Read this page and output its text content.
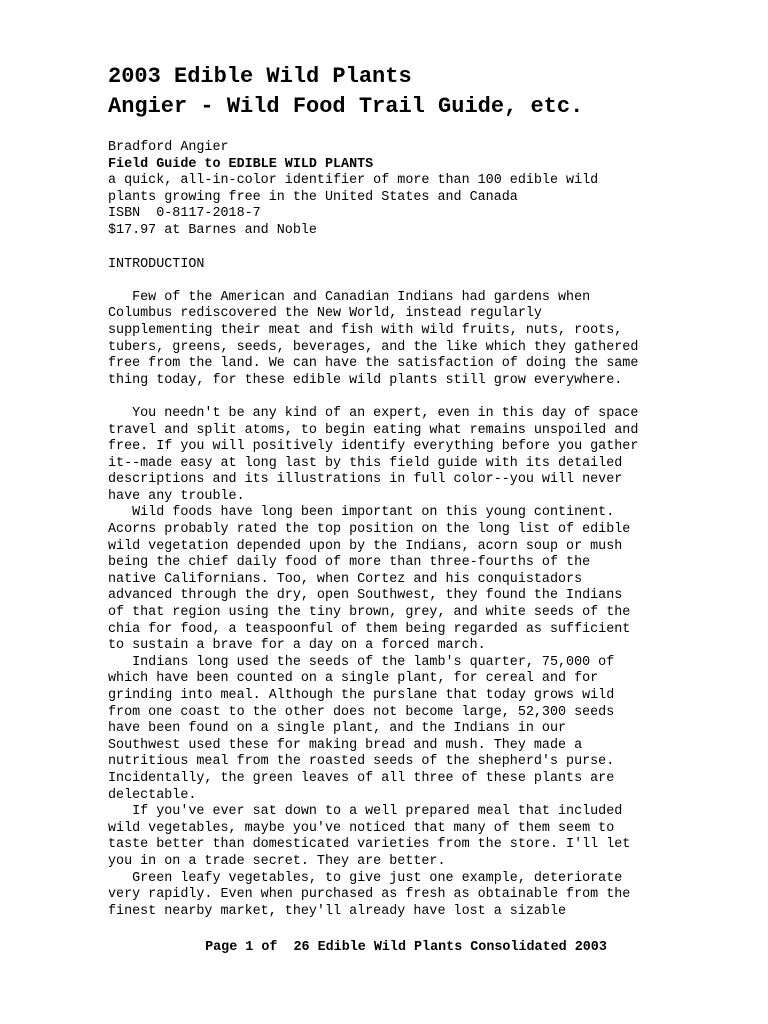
2003 Edible Wild Plants
Angier - Wild Food Trail Guide, etc.
Bradford Angier
Field Guide to EDIBLE WILD PLANTS
a quick, all-in-color identifier of more than 100 edible wild
plants growing free in the United States and Canada
ISBN  0-8117-2018-7
$17.97 at Barnes and Noble
INTRODUCTION
Few of the American and Canadian Indians had gardens when
Columbus rediscovered the New World, instead regularly
supplementing their meat and fish with wild fruits, nuts, roots,
tubers, greens, seeds, beverages, and the like which they gathered
free from the land. We can have the satisfaction of doing the same
thing today, for these edible wild plants still grow everywhere.
You needn't be any kind of an expert, even in this day of space
travel and split atoms, to begin eating what remains unspoiled and
free. If you will positively identify everything before you gather
it--made easy at long last by this field guide with its detailed
descriptions and its illustrations in full color--you will never
have any trouble.
Wild foods have long been important on this young continent.
Acorns probably rated the top position on the long list of edible
wild vegetation depended upon by the Indians, acorn soup or mush
being the chief daily food of more than three-fourths of the
native Californians. Too, when Cortez and his conquistadors
advanced through the dry, open Southwest, they found the Indians
of that region using the tiny brown, grey, and white seeds of the
chia for food, a teaspoonful of them being regarded as sufficient
to sustain a brave for a day on a forced march.
Indians long used the seeds of the lamb's quarter, 75,000 of
which have been counted on a single plant, for cereal and for
grinding into meal. Although the purslane that today grows wild
from one coast to the other does not become large, 52,300 seeds
have been found on a single plant, and the Indians in our
Southwest used these for making bread and mush. They made a
nutritious meal from the roasted seeds of the shepherd's purse.
Incidentally, the green leaves of all three of these plants are
delectable.
If you've ever sat down to a well prepared meal that included
wild vegetables, maybe you've noticed that many of them seem to
taste better than domesticated varieties from the store. I'll let
you in on a trade secret. They are better.
Green leafy vegetables, to give just one example, deteriorate
very rapidly. Even when purchased as fresh as obtainable from the
finest nearby market, they'll already have lost a sizable
Page 1 of  26 Edible Wild Plants Consolidated 2003
